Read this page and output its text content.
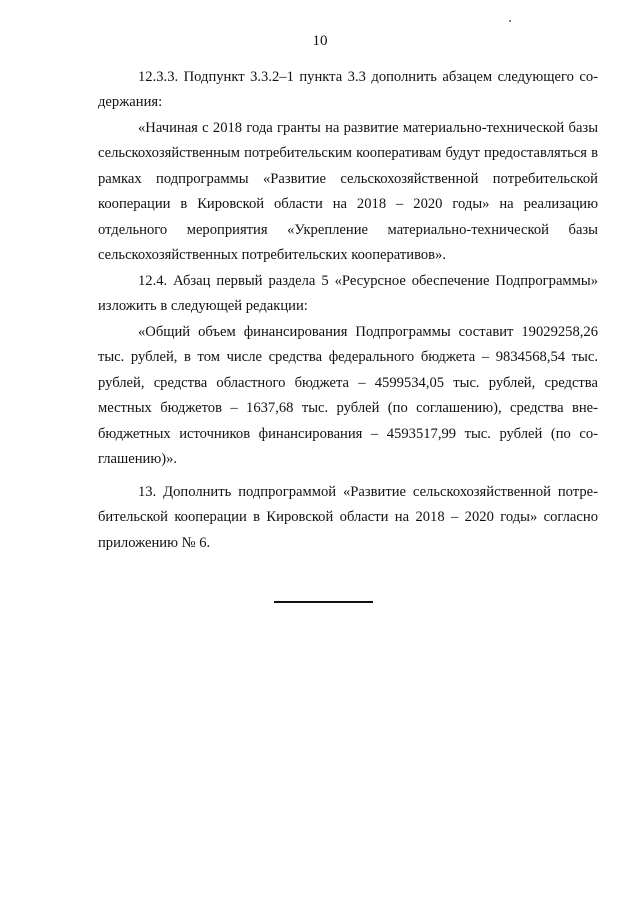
10

12.3.3. Подпункт 3.3.2–1 пункта 3.3 дополнить абзацем следующего содержания:

«Начиная с 2018 года гранты на развитие материально-технической базы сельскохозяйственным потребительским кооперативам будут предоставляться в рамках подпрограммы «Развитие сельскохозяйственной потребительской кооперации в Кировской области на 2018 – 2020 годы» на реализацию отдельного мероприятия «Укрепление материально-технической базы сельскохозяйственных потребительских кооперативов».

12.4. Абзац первый раздела 5 «Ресурсное обеспечение Подпрограммы» изложить в следующей редакции:

«Общий объем финансирования Подпрограммы составит 19029258,26 тыс. рублей, в том числе средства федерального бюджета – 9834568,54 тыс. рублей, средства областного бюджета – 4599534,05 тыс. рублей, средства местных бюджетов – 1637,68 тыс. рублей (по соглашению), средства внебюджетных источников финансирования – 4593517,99 тыс. рублей (по соглашению)».

13. Дополнить подпрограммой «Развитие сельскохозяйственной потребительской кооперации в Кировской области на 2018 – 2020 годы» согласно приложению № 6.
